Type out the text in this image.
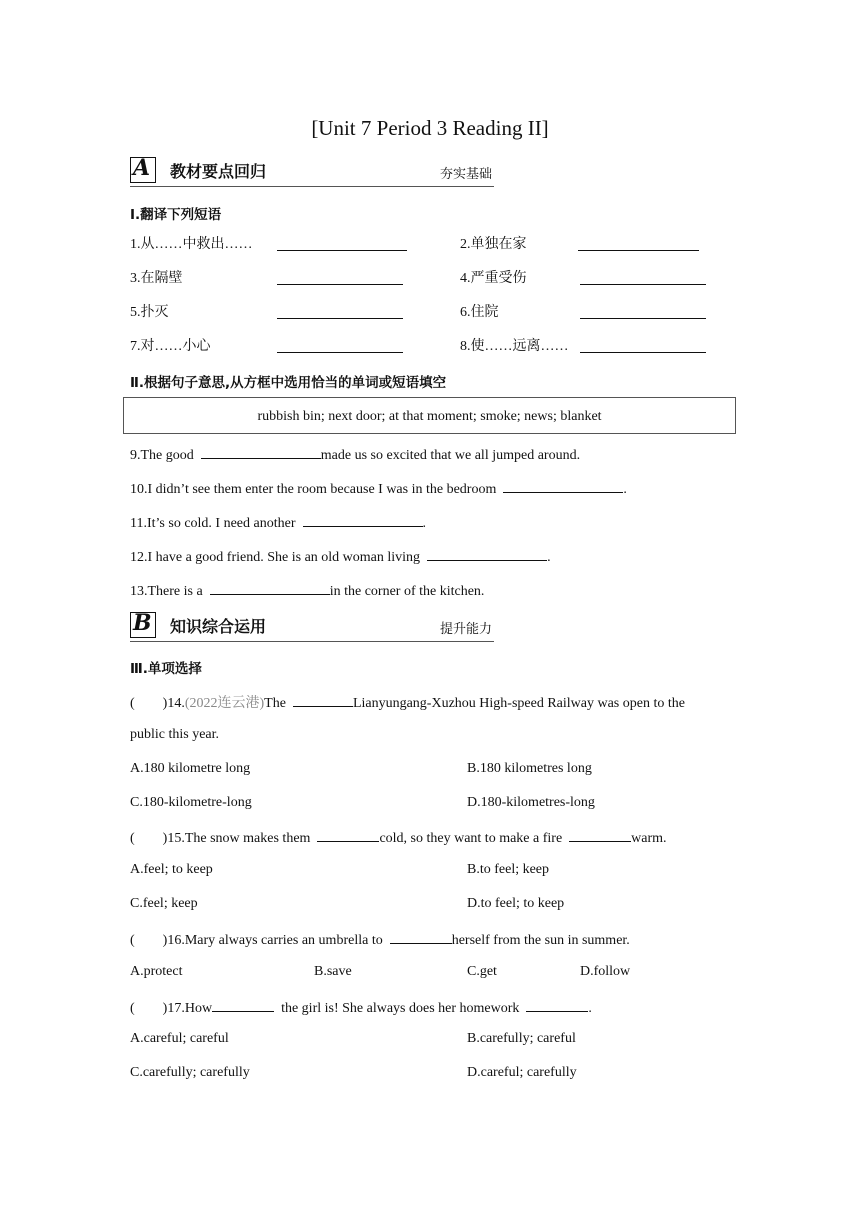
[Unit 7 Period 3 Reading II]
A 教材要点回归	夯实基础
Ⅰ.翻译下列短语
1.从……中救出……	2.单独在家
3.在隔壁	4.严重受伤
5.扑灭	6.住院
7.对……小心	8.使……远离……
Ⅱ.根据句子意思,从方框中选用恰当的单词或短语填空
rubbish bin; next door; at that moment; smoke; news; blanket
9.The good	made us so excited that we all jumped around.
10.I didn’t see them enter the room because I was in the bedroom	.
11.It’s so cold. I need another	.
12.I have a good friend. She is an old woman living	.
13.There is a	in the corner of the kitchen.
B 知识综合运用	提升能力
Ⅲ.单项选择
( )14.(2022连云港)The	Lianyungang-Xuzhou High-speed Railway was open to the
public this year.
A.180 kilometre long	B.180 kilometres long
C.180-kilometre-long	D.180-kilometres-long
( )15.The snow makes them	cold, so they want to make a fire	warm.
A.feel; to keep	B.to feel; keep
C.feel; keep	D.to feel; to keep
( )16.Mary always carries an umbrella to	herself from the sun in summer.
A.protect	B.save	C.get	D.follow
( )17.How	the girl is! She always does her homework	.
A.careful; careful	B.carefully; careful
C.carefully; carefully	D.careful; carefully
